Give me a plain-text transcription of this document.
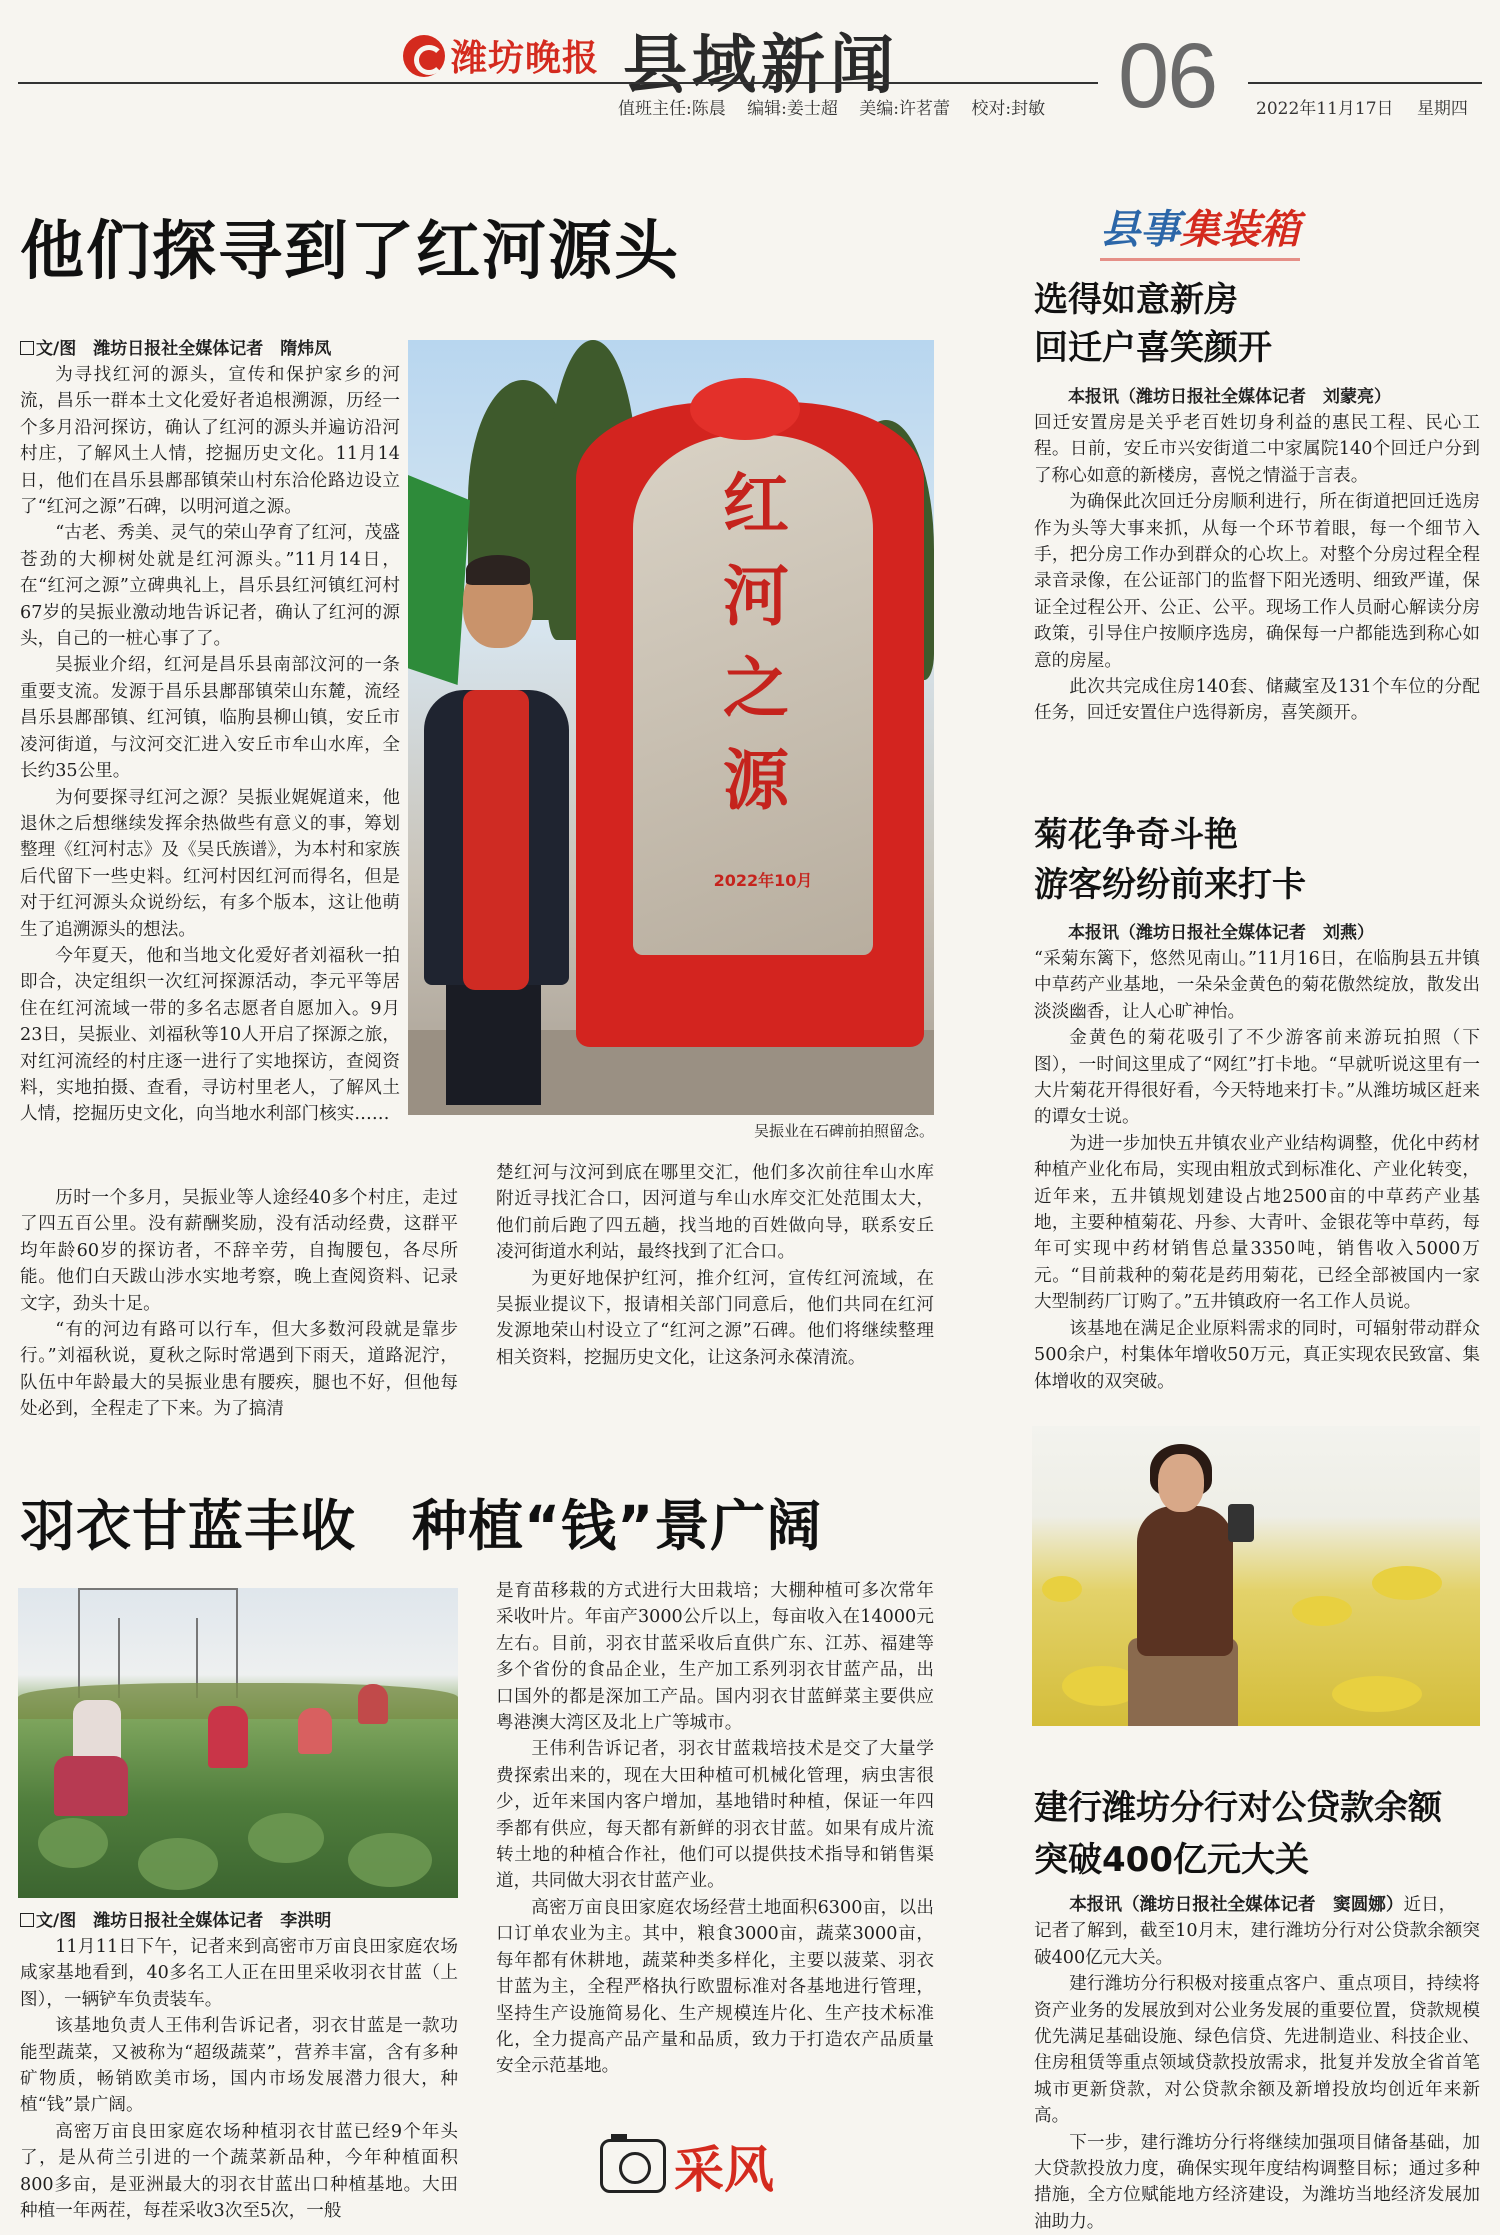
潍坊晚报 县域新闻 06
值班主任:陈晨 编辑:姜士超 美编:许茗蕾 校对:封敏	2022年11月17日 星期四
他们探寻到了红河源头
文/图　潍坊日报社全媒体记者　隋炜凤

为寻找红河的源头，宣传和保护家乡的河流，昌乐一群本土文化爱好者追根溯源，历经一个多月沿河探访，确认了红河的源头并遍访沿河村庄，了解风土人情，挖掘历史文化。11月14日，他们在昌乐县鄌郚镇荣山村东洽伦路边设立了“红河之源”石碑，以明河道之源。

“古老、秀美、灵气的荣山孕育了红河，茂盛苍劲的大柳树处就是红河源头。”11月14日，在“红河之源”立碑典礼上，昌乐县红河镇红河村67岁的吴振业激动地告诉记者，确认了红河的源头，自己的一桩心事了了。

吴振业介绍，红河是昌乐县南部汶河的一条重要支流。发源于昌乐县鄌郚镇荣山东麓，流经昌乐县鄌郚镇、红河镇，临朐县柳山镇，安丘市凌河街道，与汶河交汇进入安丘市牟山水库，全长约35公里。

为何要探寻红河之源？吴振业娓娓道来，他退休之后想继续发挥余热做些有意义的事，筹划整理《红河村志》及《吴氏族谱》，为本村和家族后代留下一些史料。红河村因红河而得名，但是对于红河源头众说纷纭，有多个版本，这让他萌生了追溯源头的想法。

今年夏天，他和当地文化爱好者刘福秋一拍即合，决定组织一次红河探源活动，李元平等居住在红河流域一带的多名志愿者自愿加入。9月23日，吴振业、刘福秋等10人开启了探源之旅，对红河流经的村庄逐一进行了实地探访，查阅资料，实地拍摄、查看，寻访村里老人，了解风土人情，挖掘历史文化，向当地水利部门核实……

红
河
之
源
2022年10月
吴振业在石碑前拍照留念。

历时一个多月，吴振业等人途经40多个村庄，走过了四五百公里。没有薪酬奖励，没有活动经费，这群平均年龄60岁的探访者，不辞辛劳，自掏腰包，各尽所能。他们白天跋山涉水实地考察，晚上查阅资料、记录文字，劲头十足。

“有的河边有路可以行车，但大多数河段就是靠步行。”刘福秋说，夏秋之际时常遇到下雨天，道路泥泞，队伍中年龄最大的吴振业患有腰疾，腿也不好，但他每处必到，全程走了下来。为了搞清

楚红河与汶河到底在哪里交汇，他们多次前往牟山水库附近寻找汇合口，因河道与牟山水库交汇处范围太大，他们前后跑了四五趟，找当地的百姓做向导，联系安丘凌河街道水利站，最终找到了汇合口。

为更好地保护红河，推介红河，宣传红河流域，在吴振业提议下，报请相关部门同意后，他们共同在红河发源地荣山村设立了“红河之源”石碑。他们将继续整理相关资料，挖掘历史文化，让这条河永葆清流。

羽衣甘蓝丰收　种植“钱”景广阔
文/图　潍坊日报社全媒体记者　李洪明

11月11日下午，记者来到高密市万亩良田家庭农场咸家基地看到，40多名工人正在田里采收羽衣甘蓝（上图），一辆铲车负责装车。

该基地负责人王伟利告诉记者，羽衣甘蓝是一款功能型蔬菜，又被称为“超级蔬菜”，营养丰富，含有多种矿物质，畅销欧美市场，国内市场发展潜力很大，种植“钱”景广阔。

高密万亩良田家庭农场种植羽衣甘蓝已经9个年头了，是从荷兰引进的一个蔬菜新品种，今年种植面积800多亩，是亚洲最大的羽衣甘蓝出口种植基地。大田种植一年两茬，每茬采收3次至5次，一般

是育苗移栽的方式进行大田栽培；大棚种植可多次常年采收叶片。年亩产3000公斤以上，每亩收入在14000元左右。目前，羽衣甘蓝采收后直供广东、江苏、福建等多个省份的食品企业，生产加工系列羽衣甘蓝产品，出口国外的都是深加工产品。国内羽衣甘蓝鲜菜主要供应粤港澳大湾区及北上广等城市。

王伟利告诉记者，羽衣甘蓝栽培技术是交了大量学费探索出来的，现在大田种植可机械化管理，病虫害很少，近年来国内客户增加，基地错时种植，保证一年四季都有供应，每天都有新鲜的羽衣甘蓝。如果有成片流转土地的种植合作社，他们可以提供技术指导和销售渠道，共同做大羽衣甘蓝产业。

高密万亩良田家庭农场经营土地面积6300亩，以出口订单农业为主。其中，粮食3000亩，蔬菜3000亩，每年都有休耕地，蔬菜种类多样化，主要以菠菜、羽衣甘蓝为主，全程严格执行欧盟标准对各基地进行管理，坚持生产设施简易化、生产规模连片化、生产技术标准化，全力提高产品产量和品质，致力于打造农产品质量安全示范基地。

采风
县事集装箱
选得如意新房
回迁户喜笑颜开
本报讯（潍坊日报社全媒体记者　刘蒙亮）

回迁安置房是关乎老百姓切身利益的惠民工程、民心工程。日前，安丘市兴安街道二中家属院140个回迁户分到了称心如意的新楼房，喜悦之情溢于言表。

为确保此次回迁分房顺利进行，所在街道把回迁选房作为头等大事来抓，从每一个环节着眼，每一个细节入手，把分房工作办到群众的心坎上。对整个分房过程全程录音录像，在公证部门的监督下阳光透明、细致严谨，保证全过程公开、公正、公平。现场工作人员耐心解读分房政策，引导住户按顺序选房，确保每一户都能选到称心如意的房屋。

此次共完成住房140套、储藏室及131个车位的分配任务，回迁安置住户选得新房，喜笑颜开。

菊花争奇斗艳
游客纷纷前来打卡
本报讯（潍坊日报社全媒体记者　刘燕）

“采菊东篱下，悠然见南山。”11月16日，在临朐县五井镇中草药产业基地，一朵朵金黄色的菊花傲然绽放，散发出淡淡幽香，让人心旷神怡。

金黄色的菊花吸引了不少游客前来游玩拍照（下图），一时间这里成了“网红”打卡地。“早就听说这里有一大片菊花开得很好看，今天特地来打卡。”从潍坊城区赶来的谭女士说。

为进一步加快五井镇农业产业结构调整，优化中药材种植产业化布局，实现由粗放式到标准化、产业化转变，近年来，五井镇规划建设占地2500亩的中草药产业基地，主要种植菊花、丹参、大青叶、金银花等中草药，每年可实现中药材销售总量3350吨，销售收入5000万元。“目前栽种的菊花是药用菊花，已经全部被国内一家大型制药厂订购了。”五井镇政府一名工作人员说。

该基地在满足企业原料需求的同时，可辐射带动群众500余户，村集体年增收50万元，真正实现农民致富、集体增收的双突破。

建行潍坊分行对公贷款余额
突破400亿元大关

本报讯（潍坊日报社全媒体记者　窦圆娜）近日，

记者了解到，截至10月末，建行潍坊分行对公贷款余额突破400亿元大关。

建行潍坊分行积极对接重点客户、重点项目，持续将资产业务的发展放到对公业务发展的重要位置，贷款规模优先满足基础设施、绿色信贷、先进制造业、科技企业、住房租赁等重点领域贷款投放需求，批复并发放全省首笔城市更新贷款，对公贷款余额及新增投放均创近年来新高。

下一步，建行潍坊分行将继续加强项目储备基础，加大贷款投放力度，确保实现年度结构调整目标；通过多种措施，全方位赋能地方经济建设，为潍坊当地经济发展加油助力。
